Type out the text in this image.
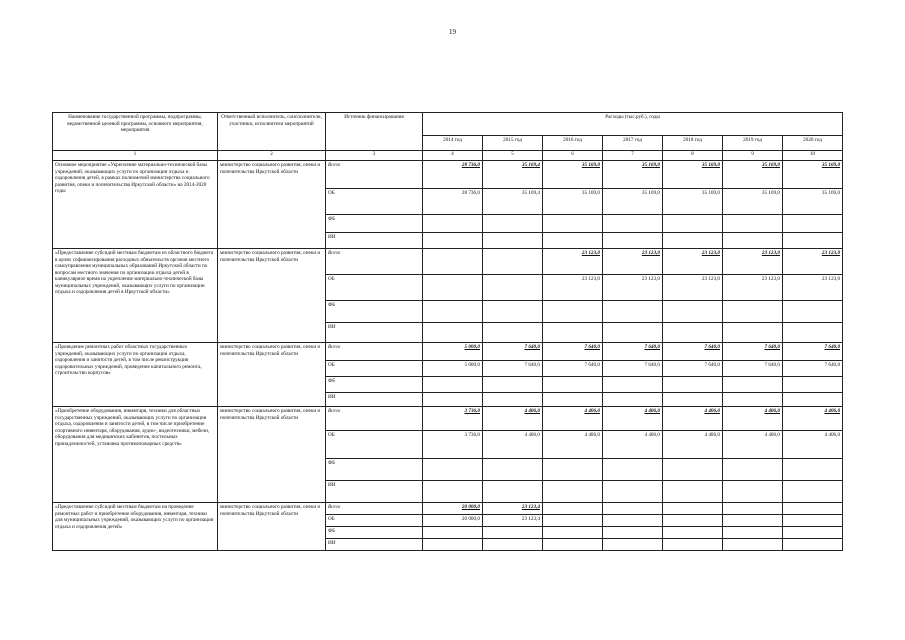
19
Наименование государственной программы, подпрограммы, ведомственной целевой программы, основного мероприятия, мероприятия	Ответственный исполнитель, соисполнители, участники, исполнители мероприятий	Источник финансирования	Расходы (тыс.руб.), годы						
			2014 год	2015 год	2016 год	2017 год	2018 год	2019 год	2020 год
1	2	3	4	5	6	7	8	9	10
Основное мероприятие «Укрепление материально-технической базы учреждений, оказывающих услуги по организации отдыха и оздоровления детей, в рамках полномочий министерства социального развития, опеки и попечительства Иркутской области» на 2014-2020 годы	министерство социального развития, опеки и попечительства Иркутской области	Всего	28 736,0	35 169,4	35 169,0	35 169,0	35 169,0	35 169,0	35 169,0
		ОБ	28 736,0	35 169,4	35 169,0	35 169,0	35 169,0	35 169,0	35 169,0
		ФБ							
		ИИ							
«Предоставление субсидий местным бюджетам из областного бюджета в целях софинансирования расходных обязательств органов местного самоуправления муниципальных образований Иркутской области по вопросам местного значения по организации отдыха детей в каникулярное время на укрепление материально-технической базы муниципальных учреждений, оказывающих услуги по организации отдыха и оздоровления детей в Иркутской области»	министерство социального развития, опеки и попечительства Иркутской области	Всего			23 123,0	23 123,0	23 123,0	23 123,0	23 123,0
		ОБ			23 123,0	23 123,0	23 123,0	23 123,0	23 123,0
		ФБ							
		ИИ							
«Проведение ремонтных работ областных государственных учреждений, оказывающих услуги по организации отдыха, оздоровления и занятости детей, в том числе реконструкция оздоровительных учреждений, проведение капитального ремонта, строительство корпусов»	министерство социального развития, опеки и попечительства Иркутской области	Всего	5 000,0	7 640,0	7 640,0	7 640,0	7 640,0	7 640,0	7 640,0
		ОБ	5 000,0	7 640,0	7 640,0	7 640,0	7 640,0	7 640,0	7 640,0
		ФБ							
		ИИ							
«Приобретение оборудования, инвентаря, техники для областных государственных учреждений, оказывающих услуги по организации отдыха, оздоровления и занятости детей, в том числе приобретение спортивного инвентаря, оборудования, аудио-, видеотехники, мебели, оборудования для медицинских кабинетов, постельных принадлежностей, установка противопожарных средств»	министерство социального развития, опеки и попечительства Иркутской области	Всего	3 736,0	4 406,0	4 406,0	4 406,0	4 406,0	4 406,0	4 406,0
		ОБ	3 736,0	4 406,0	4 406,0	4 406,0	4 406,0	4 406,0	4 406,0
		ФБ							
		ИИ							
«Предоставление субсидий местным бюджетам на проведение ремонтных работ и приобретение оборудования, инвентаря, техники для муниципальных учреждений, оказывающих услуги по организации отдыха и оздоровления детей»	министерство социального развития, опеки и попечительства Иркутской области	Всего	20 000,0	23 123,4					
		ОБ	20 000,0	23 123,4					
		ФБ							
		ИИ							
